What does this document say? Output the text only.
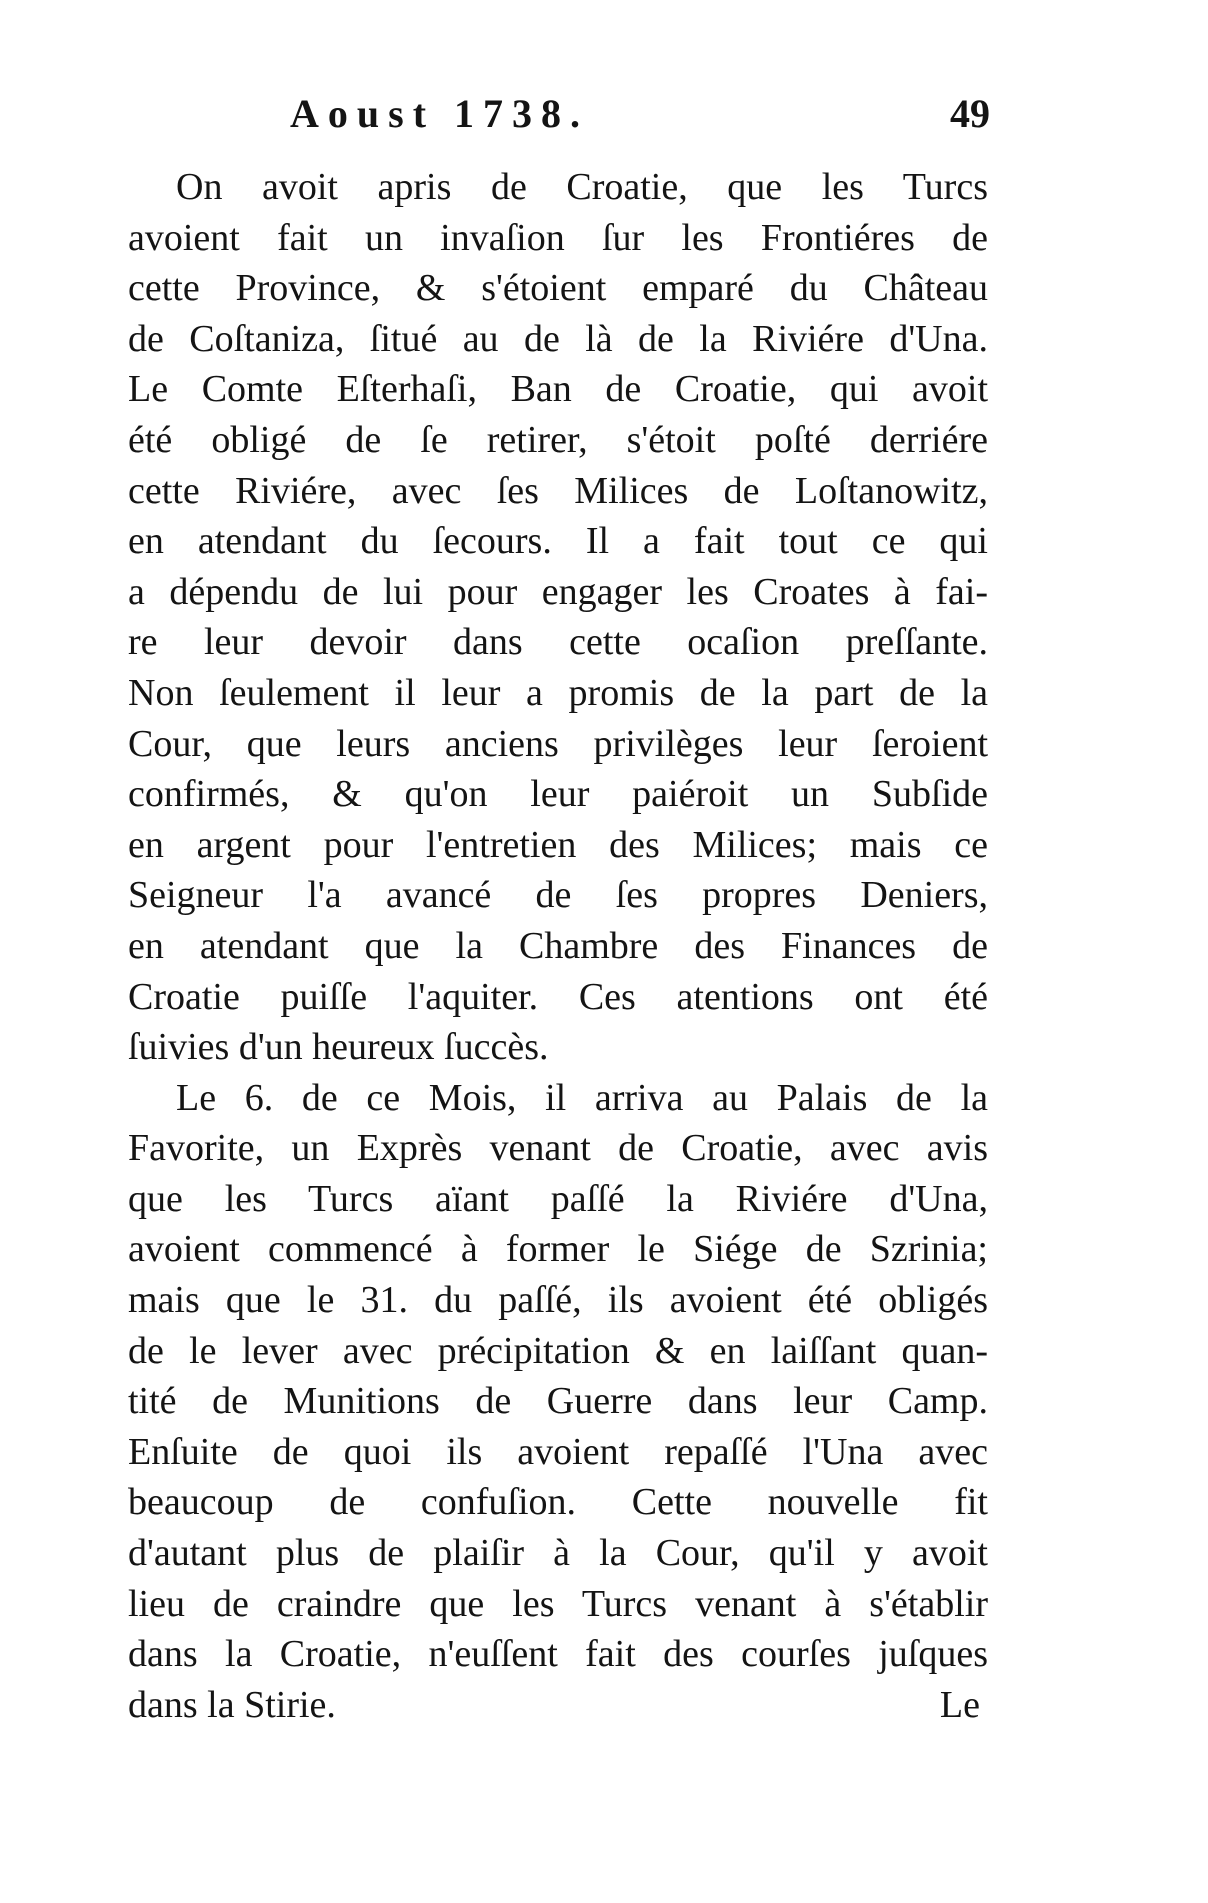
Aoust 1738.	49
On avoit apris de Croatie, que les Turcs
avoient fait un invaſion ſur les Frontiéres de
cette Province, & s'étoient emparé du Château
de Coſtaniza, ſitué au de là de la Riviére d'Una.
Le Comte Eſterhaſi, Ban de Croatie, qui avoit
été obligé de ſe retirer, s'étoit poſté derriére
cette Riviére, avec ſes Milices de Loſtanowitz,
en atendant du ſecours. Il a fait tout ce qui
a dépendu de lui pour engager les Croates à fai-
re leur devoir dans cette ocaſion preſſante.
Non ſeulement il leur a promis de la part de la
Cour, que leurs anciens privilèges leur ſeroient
confirmés, & qu'on leur paiéroit un Subſide
en argent pour l'entretien des Milices; mais ce
Seigneur l'a avancé de ſes propres Deniers,
en atendant que la Chambre des Finances de
Croatie puiſſe l'aquiter. Ces atentions ont été
ſuivies d'un heureux ſuccès.
Le 6. de ce Mois, il arriva au Palais de la
Favorite, un Exprès venant de Croatie, avec avis
que les Turcs aïant paſſé la Riviére d'Una,
avoient commencé à former le Siége de Szrinia;
mais que le 31. du paſſé, ils avoient été obligés
de le lever avec précipitation & en laiſſant quan-
tité de Munitions de Guerre dans leur Camp.
Enſuite de quoi ils avoient repaſſé l'Una avec
beaucoup de confuſion. Cette nouvelle fit
d'autant plus de plaiſir à la Cour, qu'il y avoit
lieu de craindre que les Turcs venant à s'établir
dans la Croatie, n'euſſent fait des courſes juſques
dans la Stirie.	Le
